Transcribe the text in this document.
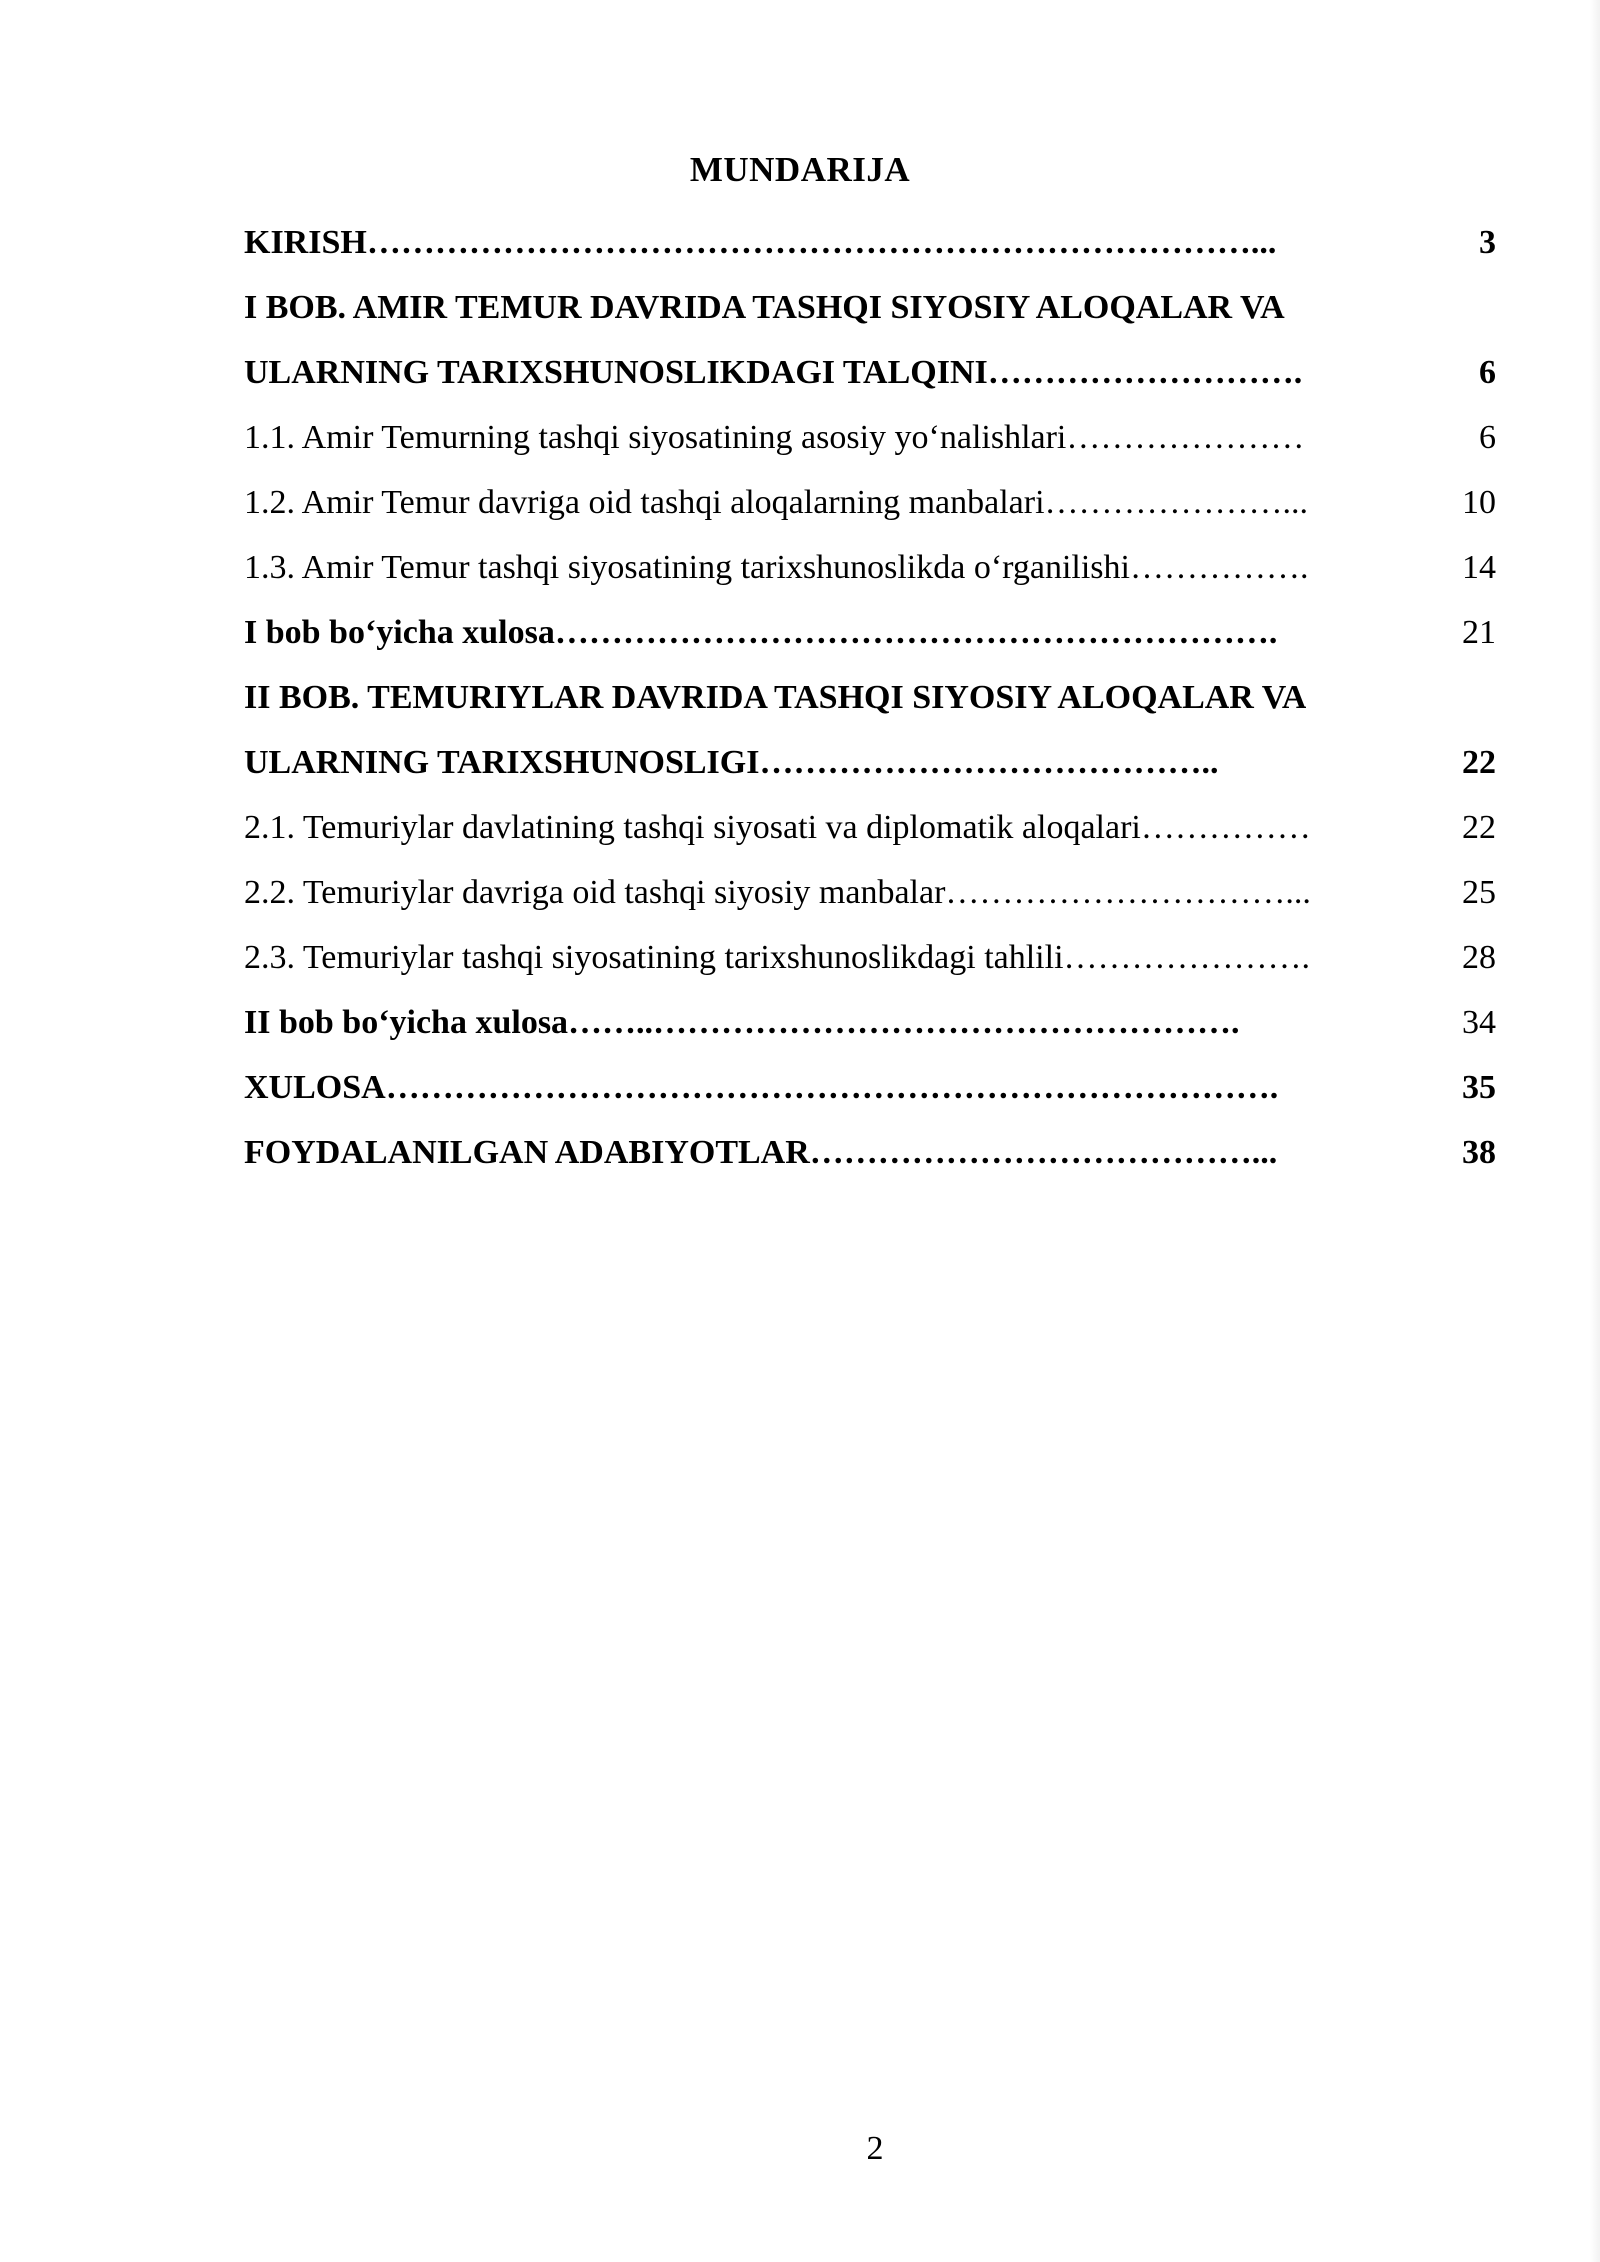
MUNDARIJA
KIRISH……………………………………………………………………...	3
I BOB. AMIR TEMUR DAVRIDA TASHQI SIYOSIY ALOQALAR VA
ULARNING TARIXSHUNOSLIKDAGI TALQINI……………………….	6
1.1. Amir Temurning tashqi siyosatining asosiy yo‘nalishlari…………………	6
1.2. Amir Temur davriga oid tashqi aloqalarning manbalari…………………...	10
1.3. Amir Temur tashqi siyosatining tarixshunoslikda o‘rganilishi…………….	14
I bob bo‘yicha xulosa……………………………………………………….	21
II BOB. TEMURIYLAR DAVRIDA TASHQI SIYOSIY ALOQALAR VA
ULARNING TARIXSHUNOSLIGI…………………………………..	22
2.1. Temuriylar davlatining tashqi siyosati va diplomatik aloqalari……………	22
2.2. Temuriylar davriga oid tashqi siyosiy manbalar…………………………...	25
2.3. Temuriylar tashqi siyosatining tarixshunoslikdagi tahlili………………….	28
II bob bo‘yicha xulosa……..…………………………………………….	34
XULOSA…………………………………………………………………….	35
FOYDALANILGAN ADABIYOTLAR…………………………………...	38
2
